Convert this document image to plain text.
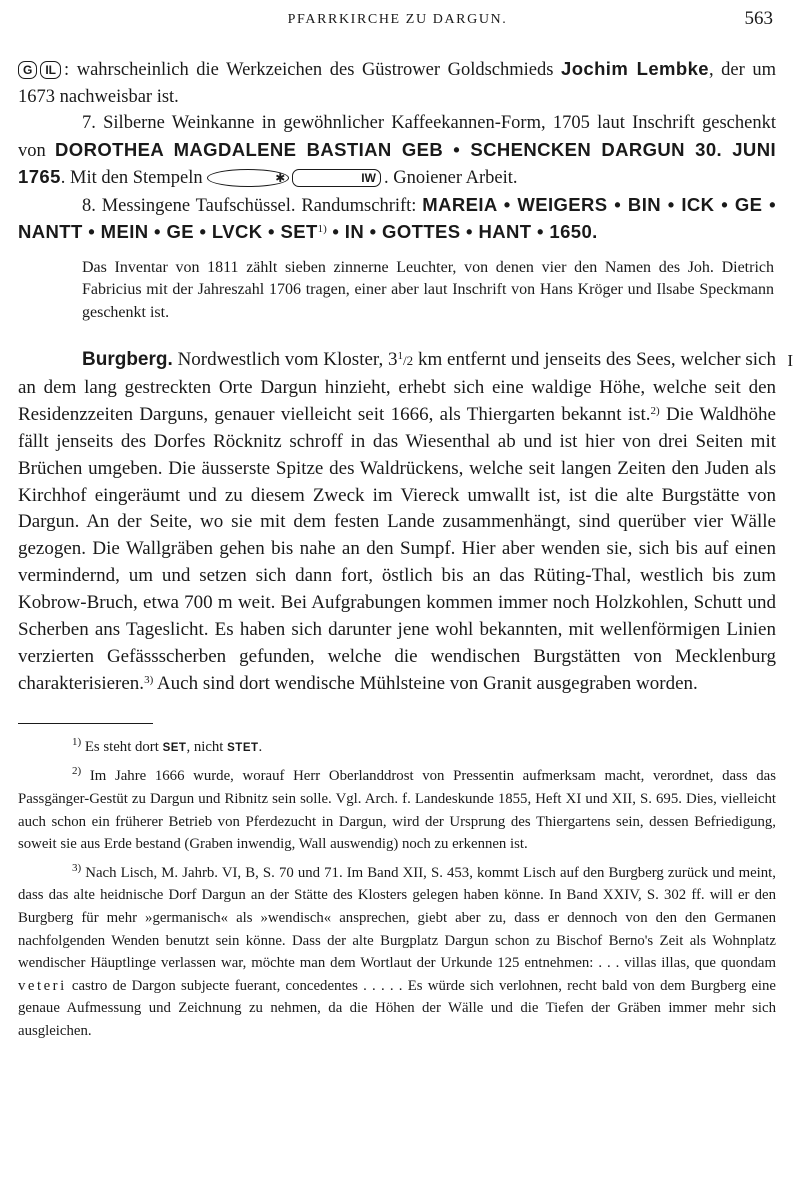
PFARRKIRCHE ZU DARGUN.	563
I

G IL : wahrscheinlich die Werkzeichen des Güstrower Goldschmieds Jochim Lembke, der um 1673 nachweisbar ist.

7. Silberne Weinkanne in gewöhnlicher Kaffeekannen-Form, 1705 laut Inschrift geschenkt von DOROTHEA MAGDALENE BASTIAN GEB • SCHENCKEN DARGUN 30. JUNI 1765. Mit den Stempeln	✱	IW . Gnoiener Arbeit.

8. Messingene Taufschüssel. Randumschrift: MAREIA • WEIGERS • BIN • ICK • GE • NANTT • MEIN • GE • LVCK • SET$^{1)}$ • IN • GOTTES • HANT • 1650.

Das Inventar von 1811 zählt sieben zinnerne Leuchter, von denen vier den Namen des Joh. Dietrich Fabricius mit der Jahreszahl 1706 tragen, einer aber laut Inschrift von Hans Kröger und Ilsabe Speckmann geschenkt ist.

Burgberg. Nordwestlich vom Kloster, $3^1/2$ km entfernt und jenseits des Sees, welcher sich an dem lang gestreckten Orte Dargun hinzieht, erhebt sich eine waldige Höhe, welche seit den Residenzzeiten Darguns, genauer vielleicht seit 1666, als Thiergarten bekannt ist.$^{2)}$ Die Waldhöhe fällt jenseits des Dorfes Röcknitz schroff in das Wiesenthal ab und ist hier von drei Seiten mit Brüchen umgeben. Die äusserste Spitze des Waldrückens, welche seit langen Zeiten den Juden als Kirchhof eingeräumt und zu diesem Zweck im Viereck umwallt ist, ist die alte Burgstätte von Dargun. An der Seite, wo sie mit dem festen Lande zusammenhängt, sind querüber vier Wälle gezogen. Die Wallgräben gehen bis nahe an den Sumpf. Hier aber wenden sie, sich bis auf einen vermindernd, um und setzen sich dann fort, östlich bis an das Rüting-Thal, westlich bis zum Kobrow-Bruch, etwa 700 m weit. Bei Aufgrabungen kommen immer noch Holzkohlen, Schutt und Scherben ans Tageslicht. Es haben sich darunter jene wohl bekannten, mit wellenförmigen Linien verzierten Gefässscherben gefunden, welche die wendischen Burgstätten von Mecklenburg charakterisieren.$^{3)}$ Auch sind dort wendische Mühlsteine von Granit ausgegraben worden.

$^{1)}$ Es steht dort SET, nicht STET.

$^{2)}$ Im Jahre 1666 wurde, worauf Herr Oberlanddrost von Pressentin aufmerksam macht, verordnet, dass das Passgänger-Gestüt zu Dargun und Ribnitz sein solle. Vgl. Arch. f. Landeskunde 1855, Heft XI und XII, S. 695. Dies, vielleicht auch schon ein früherer Betrieb von Pferdezucht in Dargun, wird der Ursprung des Thiergartens sein, dessen Befriedigung, soweit sie aus Erde bestand (Graben inwendig, Wall auswendig) noch zu erkennen ist.

$^{3)}$ Nach Lisch, M. Jahrb. VI, B, S. 70 und 71. Im Band XII, S. 453, kommt Lisch auf den Burgberg zurück und meint, dass das alte heidnische Dorf Dargun an der Stätte des Klosters gelegen haben könne. In Band XXIV, S. 302 ff. will er den Burgberg für mehr »germanisch« als »wendisch« ansprechen, giebt aber zu, dass er dennoch von den den Germanen nachfolgenden Wenden benutzt sein könne. Dass der alte Burgplatz Dargun schon zu Bischof Berno's Zeit als Wohnplatz wendischer Häuptlinge verlassen war, möchte man dem Wortlaut der Urkunde 125 entnehmen: . . . villas illas, que quondam veteri castro de Dargon subjecte fuerant, concedentes . . . . . Es würde sich verlohnen, recht bald von dem Burgberg eine genaue Aufmessung und Zeichnung zu nehmen, da die Höhen der Wälle und die Tiefen der Gräben immer mehr sich ausgleichen.
